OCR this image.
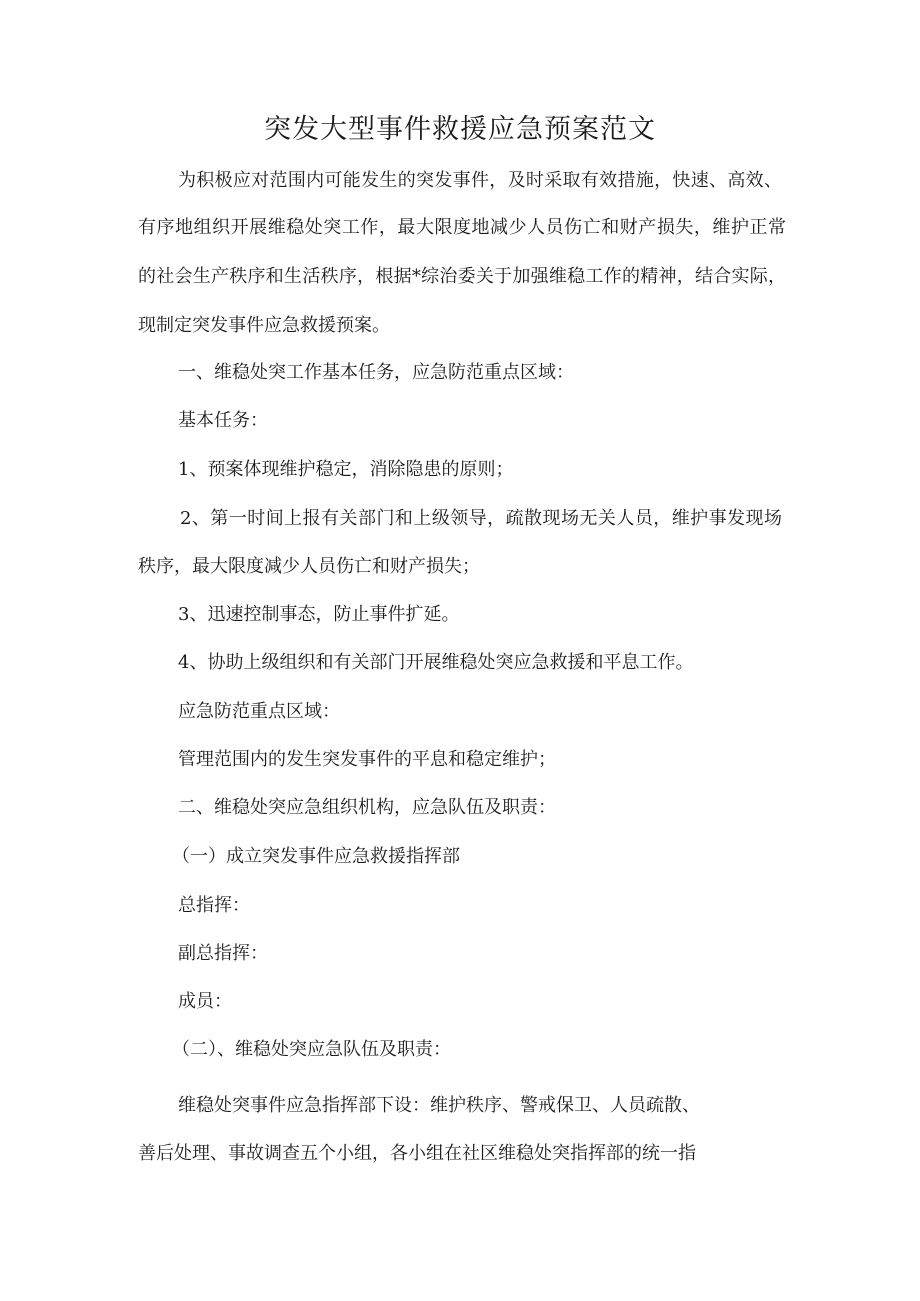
突发大型事件救援应急预案范文

为积极应对范围内可能发生的突发事件，及时采取有效措施，快速、高效、

有序地组织开展维稳处突工作，最大限度地减少人员伤亡和财产损失，维护正常

的社会生产秩序和生活秩序，根据*综治委关于加强维稳工作的精神，结合实际，

现制定突发事件应急救援预案。

一、维稳处突工作基本任务，应急防范重点区域：

基本任务：

1、预案体现维护稳定，消除隐患的原则；

2、第一时间上报有关部门和上级领导，疏散现场无关人员，维护事发现场

秩序，最大限度减少人员伤亡和财产损失；

3、迅速控制事态，防止事件扩延。

4、协助上级组织和有关部门开展维稳处突应急救援和平息工作。

应急防范重点区域：

管理范围内的发生突发事件的平息和稳定维护；

二、维稳处突应急组织机构，应急队伍及职责：

（一）成立突发事件应急救援指挥部

总指挥：

副总指挥：

成员：

（二）、维稳处突应急队伍及职责：

维稳处突事件应急指挥部下设：维护秩序、警戒保卫、人员疏散、

善后处理、事故调查五个小组，各小组在社区维稳处突指挥部的统一指
